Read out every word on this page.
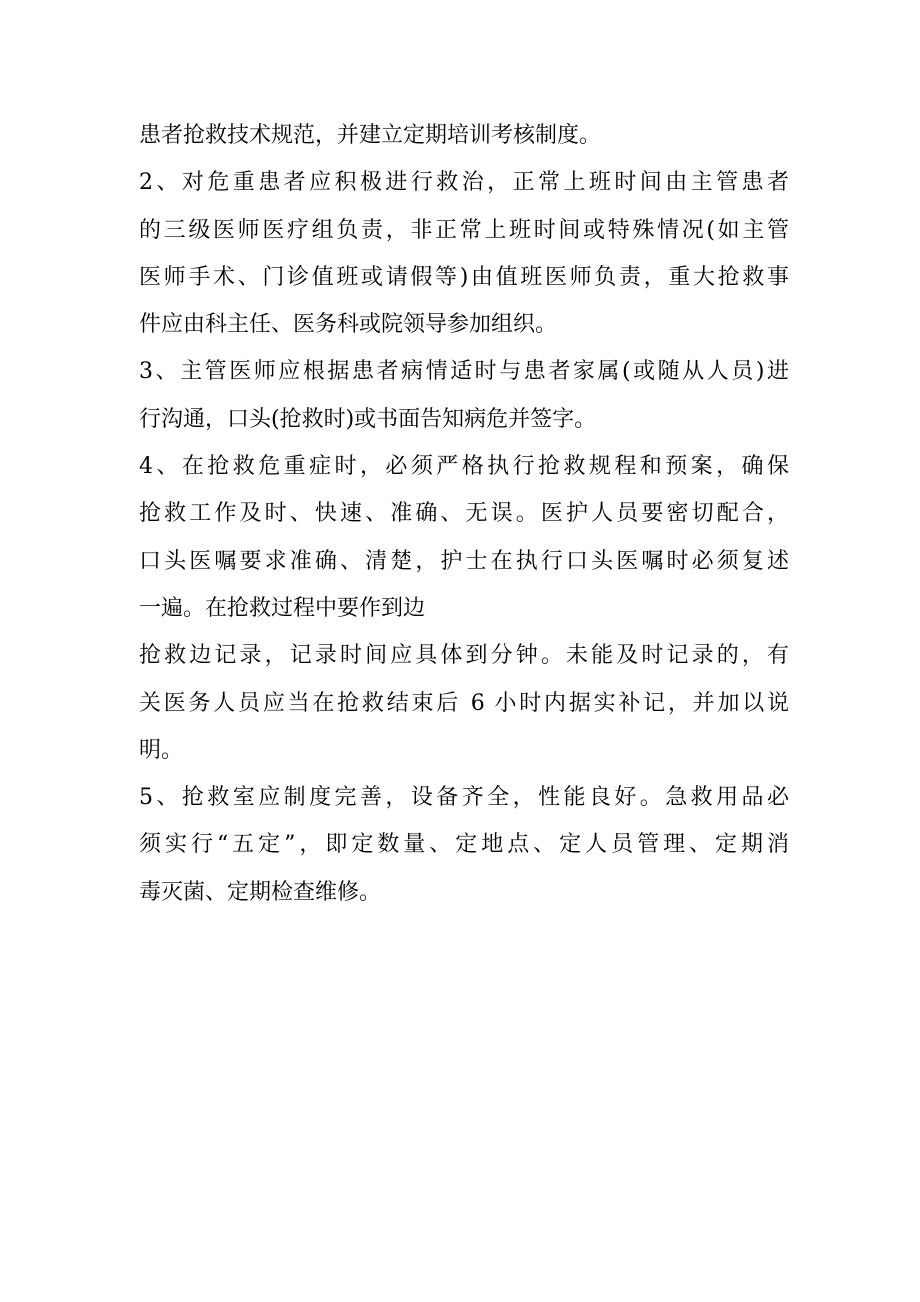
患者抢救技术规范，并建立定期培训考核制度。
2、对危重患者应积极进行救治，正常上班时间由主管患者
的三级医师医疗组负责，非正常上班时间或特殊情况(如主管
医师手术、门诊值班或请假等)由值班医师负责，重大抢救事
件应由科主任、医务科或院领导参加组织。
3、主管医师应根据患者病情适时与患者家属(或随从人员)进
行沟通，口头(抢救时)或书面告知病危并签字。
4、在抢救危重症时，必须严格执行抢救规程和预案，确保
抢救工作及时、快速、准确、无误。医护人员要密切配合，
口头医嘱要求准确、清楚，护士在执行口头医嘱时必须复述
一遍。在抢救过程中要作到边
抢救边记录，记录时间应具体到分钟。未能及时记录的，有
关医务人员应当在抢救结束后 6 小时内据实补记，并加以说
明。
5、抢救室应制度完善，设备齐全，性能良好。急救用品必
须实行“五定”，即定数量、定地点、定人员管理、定期消
毒灭菌、定期检查维修。
